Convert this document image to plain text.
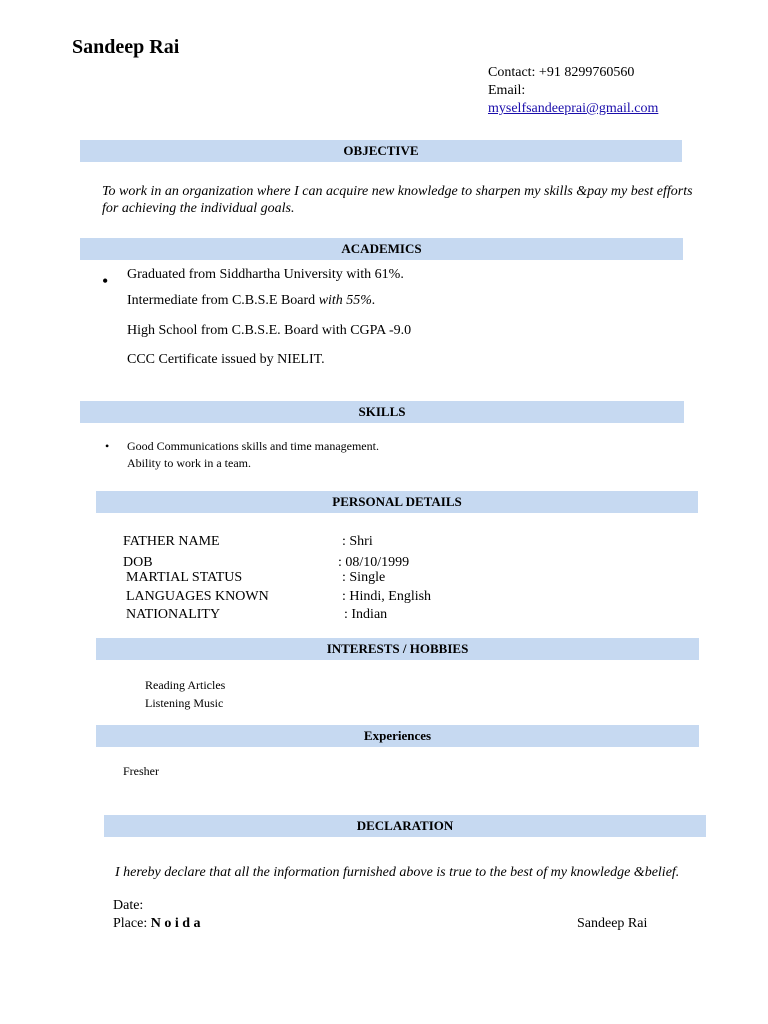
Sandeep Rai
Contact: +91 8299760560
Email:
myselfsandeeprai@gmail.com
OBJECTIVE
To work in an organization where I can acquire new knowledge to sharpen my skills &pay my best efforts
for achieving the individual goals.
ACADEMICS
• Graduated from Siddhartha University with 61%.
Intermediate from C.B.S.E Board with 55%.
High School from C.B.S.E. Board with CGPA -9.0
CCC Certificate issued by NIELIT.
SKILLS
• Good Communications skills and time management.
Ability to work in a team.
PERSONAL DETAILS
FATHER NAME	: Shri
DOB	: 08/10/1999
MARTIAL STATUS	: Single
LANGUAGES KNOWN	: Hindi, English
NATIONALITY	: Indian
INTERESTS / HOBBIES
Reading Articles
Listening Music
Experiences
Fresher
DECLARATION
I hereby declare that all the information furnished above is true to the best of my knowledge &belief.
Date:
Place: N o i d a	Sandeep Rai
